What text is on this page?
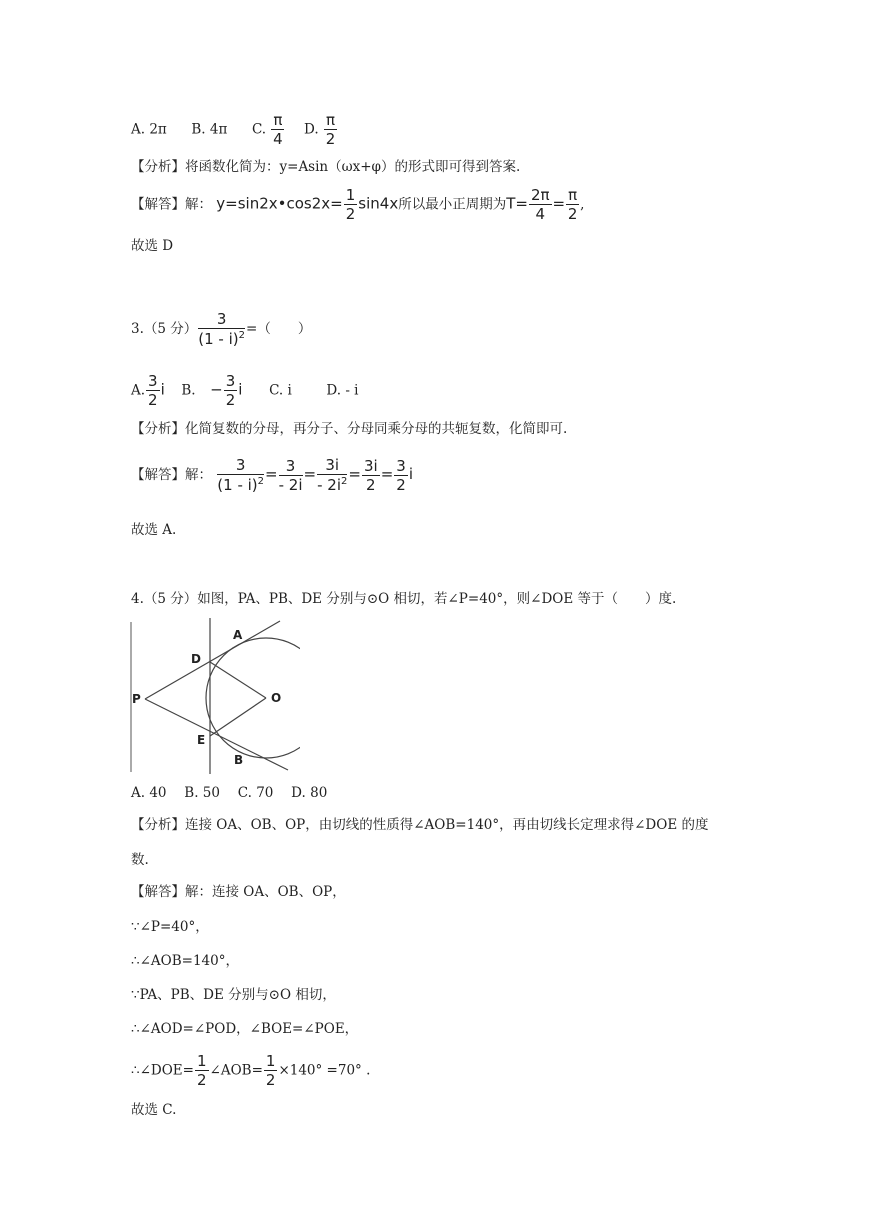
A. 2π B. 4π C. $\frac{\pi}{4} D$. $\frac{\pi}{2}$
【分析】将函数化简为：y=Asin（ωx+φ）的形式即可得到答案.
【解答】解： y=sin2x•cos2x= $\frac{1}{2} \sin 4x$所以最小正周期为$T= \frac{2\pi}{4} = \frac{\pi}{2}$ ,
故选 D
3.（5 分） $\frac{3}{(1 - i)^2}$ =（　　）
A. $\frac{3}{2}$ i B. − $\frac{3}{2}$ i C. i	D. - i
【分析】化简复数的分母，再分子、分母同乘分母的共轭复数，化简即可.
【解答】解： $\frac{3}{(1 - i)^2} = \frac{3}{- 2i} = \frac{3i}{- 2i^2} = \frac{3i}{2} = \frac{3}{2}$ i
故选 A.
4.（5 分）如图，PA、PB、DE 分别与⊙O 相切，若∠P=40°，则∠DOE 等于（　　）度.
P
A
D
O
E
B
A. 40　 B. 50　 C. 70　 D. 80
【分析】连接 OA、OB、OP，由切线的性质得∠AOB=140°，再由切线长定理求得∠DOE 的度
数.
【解答】解：连接 OA、OB、OP，
∵∠P=40°，
∴∠AOB=140°，
∵PA、PB、DE 分别与⊙O 相切，
∴∠AOD=∠POD，∠BOE=∠POE，
∴∠DOE= $\frac{1}{2}$ ∠AOB= $\frac{1}{2} \times 140^\circ =70^\circ$ .
故选 C.
